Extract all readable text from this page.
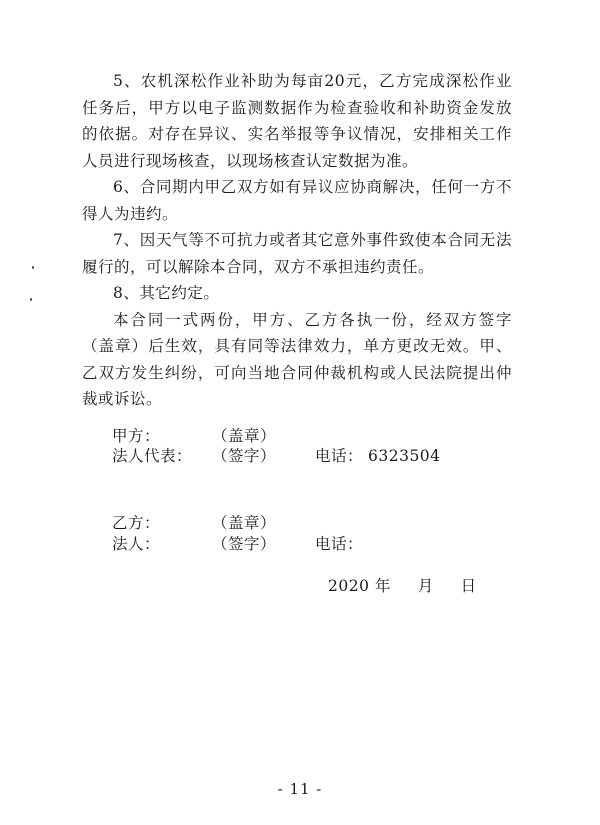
5、农机深松作业补助为每亩20元，乙方完成深松作业任务后，甲方以电子监测数据作为检查验收和补助资金发放的依据。对存在异议、实名举报等争议情况，安排相关工作人员进行现场核查，以现场核查认定数据为准。

6、合同期内甲乙双方如有异议应协商解决，任何一方不得人为违约。

7、因天气等不可抗力或者其它意外事件致使本合同无法履行的，可以解除本合同，双方不承担违约责任。

8、其它约定。

本合同一式两份，甲方、乙方各执一份，经双方签字（盖章）后生效，具有同等法律效力，单方更改无效。甲、乙双方发生纠纷，可向当地合同仲裁机构或人民法院提出仲裁或诉讼。

甲方：	（盖章）
法人代表： （签字）	电话： 6323504
乙方：	（盖章）
法人：	（签字）	电话：
2020 年 月 日
- 11 -
